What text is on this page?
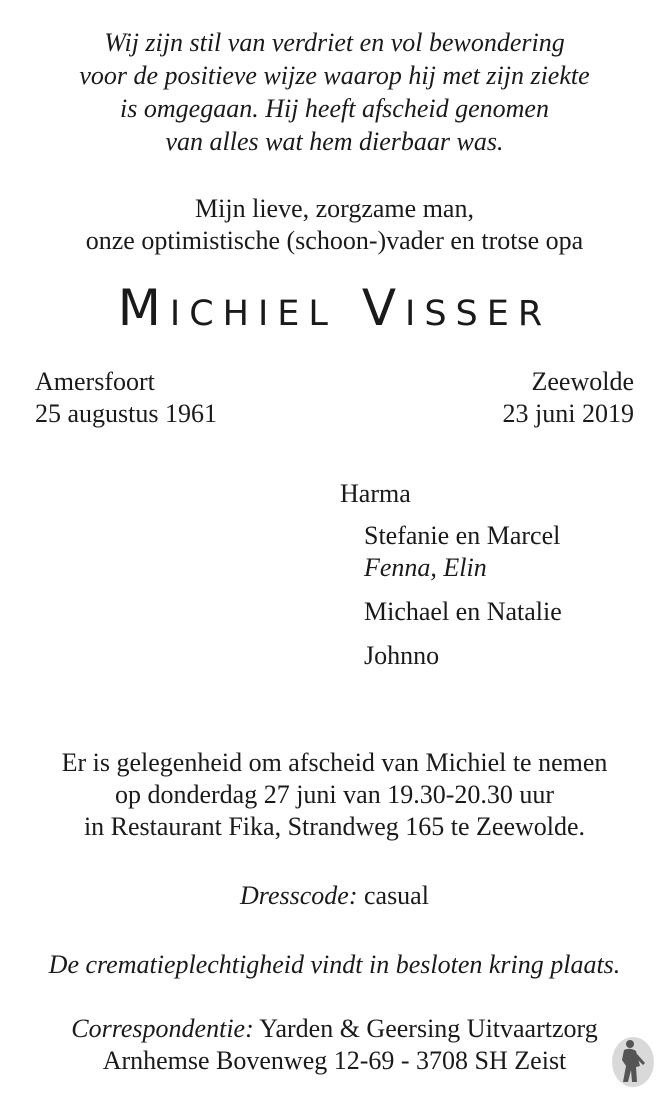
Wij zijn stil van verdriet en vol bewondering
voor de positieve wijze waarop hij met zijn ziekte
is omgegaan. Hij heeft afscheid genomen
van alles wat hem dierbaar was.
Mijn lieve, zorgzame man,
onze optimistische (schoon-)vader en trotse opa
Michiel Visser
Amersfoort
25 augustus 1961
Zeewolde
23 juni 2019
Harma
Stefanie en Marcel
Fenna, Elin
Michael en Natalie
Johnno
Er is gelegenheid om afscheid van Michiel te nemen
op donderdag 27 juni van 19.30-20.30 uur
in Restaurant Fika, Strandweg 165 te Zeewolde.
Dresscode: casual
De crematieplechtigheid vindt in besloten kring plaats.
Correspondentie: Yarden & Geersing Uitvaartzorg
Arnhemse Bovenweg 12-69 - 3708 SH Zeist
